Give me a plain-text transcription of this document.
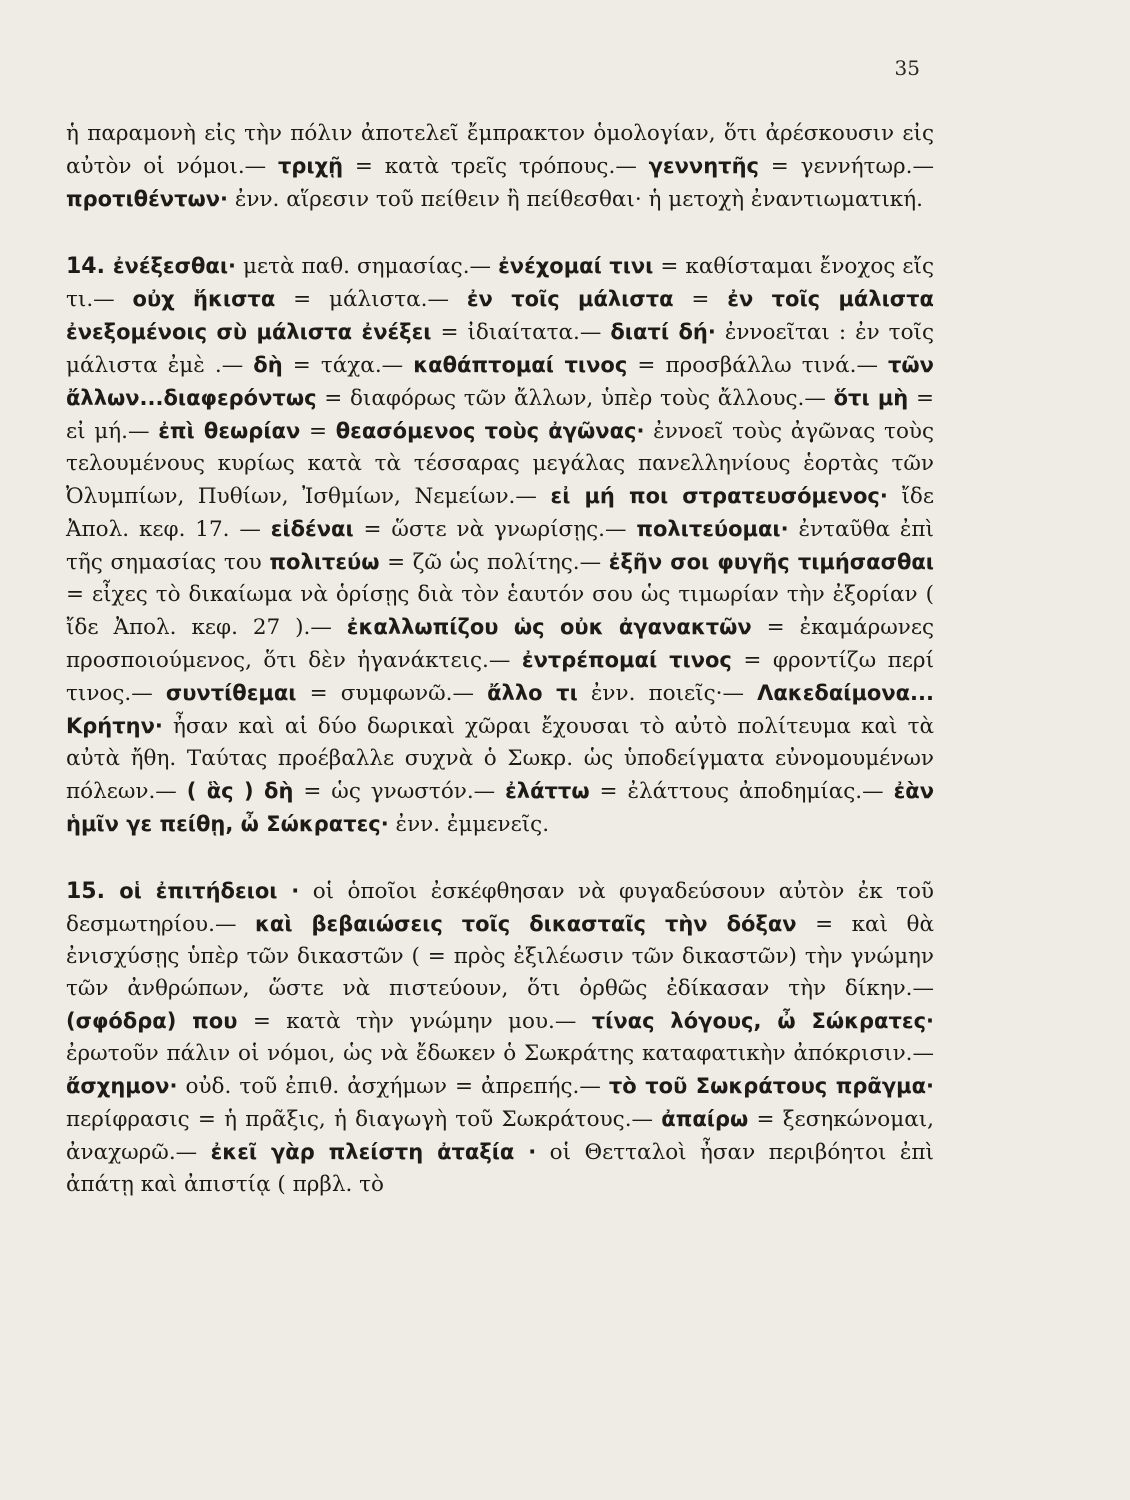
35

ἡ παραμονὴ εἰς τὴν πόλιν ἀποτελεῖ ἔμπρακτον ὁμολογίαν, ὅτι ἀρέσκουσιν εἰς αὐτὸν οἱ νόμοι.— τριχῇ = κατὰ τρεῖς τρόπους.— γεννητῆς = γεννήτωρ.— προτιθέντων· ἐνν. αἵρεσιν τοῦ πείθειν ἢ πείθεσθαι· ἡ μετοχὴ ἐναντιωματική.

14. ἐνέξεσθαι· μετὰ παθ. σημασίας.— ἐνέχομαί τινι = καθίσταμαι ἔνοχος εἴς τι.— οὐχ ἥκιστα = μάλιστα.— ἐν τοῖς μάλιστα = ἐν τοῖς μάλιστα ἐνεξομένοις σὺ μάλιστα ἐνέξει = ἰδιαίτατα.— διατί δή· ἐννοεῖται : ἐν τοῖς μάλιστα ἐμὲ .— δὴ = τάχα.— καθάπτομαί τινος = προσβάλλω τινά.— τῶν ἄλλων...διαφερόντως = διαφόρως τῶν ἄλλων, ὑπὲρ τοὺς ἄλλους.— ὅτι μὴ = εἰ μή.— ἐπὶ θεωρίαν = θεασόμενος τοὺς ἀγῶνας· ἐννοεῖ τοὺς ἀγῶνας τοὺς τελουμένους κυρίως κατὰ τὰ τέσσαρας μεγάλας πανελληνίους ἑορτὰς τῶν Ὀλυμπίων, Πυθίων, Ἰσθμίων, Νεμείων.— εἰ μή ποι στρατευσόμενος· ἴδε Ἀπολ. κεφ. 17. — εἰδέναι = ὥστε νὰ γνωρίσῃς.— πολιτεύομαι· ἐνταῦθα ἐπὶ τῆς σημασίας του πολιτεύω = ζῶ ὡς πολίτης.— ἐξῆν σοι φυγῆς τιμήσασθαι = εἶχες τὸ δικαίωμα νὰ ὁρίσῃς διὰ τὸν ἑαυτόν σου ὡς τιμωρίαν τὴν ἐξορίαν ( ἴδε Ἀπολ. κεφ. 27 ).— ἐκαλλωπίζου ὡς οὐκ ἀγανακτῶν = ἐκαμάρωνες προσποιούμενος, ὅτι δὲν ἠγανάκτεις.— ἐντρέπομαί τινος = φροντίζω περί τινος.— συντίθεμαι = συμφωνῶ.— ἄλλο τι ἐνν. ποιεῖς·— Λακεδαίμονα... Κρήτην· ἦσαν καὶ αἱ δύο δωρικαὶ χῶραι ἔχουσαι τὸ αὐτὸ πολίτευμα καὶ τὰ αὐτὰ ἤθη. Ταύτας προέβαλλε συχνὰ ὁ Σωκρ. ὡς ὑποδείγματα εὐνομουμένων πόλεων.— ( ἃς ) δὴ = ὡς γνωστόν.— ἐλάττω = ἐλάττους ἀποδημίας.— ἐὰν ἡμῖν γε πείθῃ, ὦ Σώκρατες· ἐνν. ἐμμενεῖς.

15. οἱ ἐπιτήδειοι · οἱ ὁποῖοι ἐσκέφθησαν νὰ φυγαδεύσουν αὐτὸν ἐκ τοῦ δεσμωτηρίου.— καὶ βεβαιώσεις τοῖς δικασταῖς τὴν δόξαν = καὶ θὰ ἐνισχύσῃς ὑπὲρ τῶν δικαστῶν ( = πρὸς ἐξιλέωσιν τῶν δικαστῶν) τὴν γνώμην τῶν ἀνθρώπων, ὥστε νὰ πιστεύουν, ὅτι ὀρθῶς ἐδίκασαν τὴν δίκην.— (σφόδρα) που = κατὰ τὴν γνώμην μου.— τίνας λόγους, ὦ Σώκρατες· ἐρωτοῦν πάλιν οἱ νόμοι, ὡς νὰ ἔδωκεν ὁ Σωκράτης καταφατικὴν ἀπόκρισιν.— ἄσχημον· οὐδ. τοῦ ἐπιθ. ἀσχήμων = ἀπρεπής.— τὸ τοῦ Σωκράτους πρᾶγμα· περίφρασις = ἡ πρᾶξις, ἡ διαγωγὴ τοῦ Σωκράτους.— ἀπαίρω = ξεσηκώνομαι, ἀναχωρῶ.— ἐκεῖ γὰρ πλείστη ἀταξία · οἱ Θετταλοὶ ἦσαν περιβόητοι ἐπὶ ἀπάτῃ καὶ ἀπιστίᾳ ( πρβλ. τὸ
